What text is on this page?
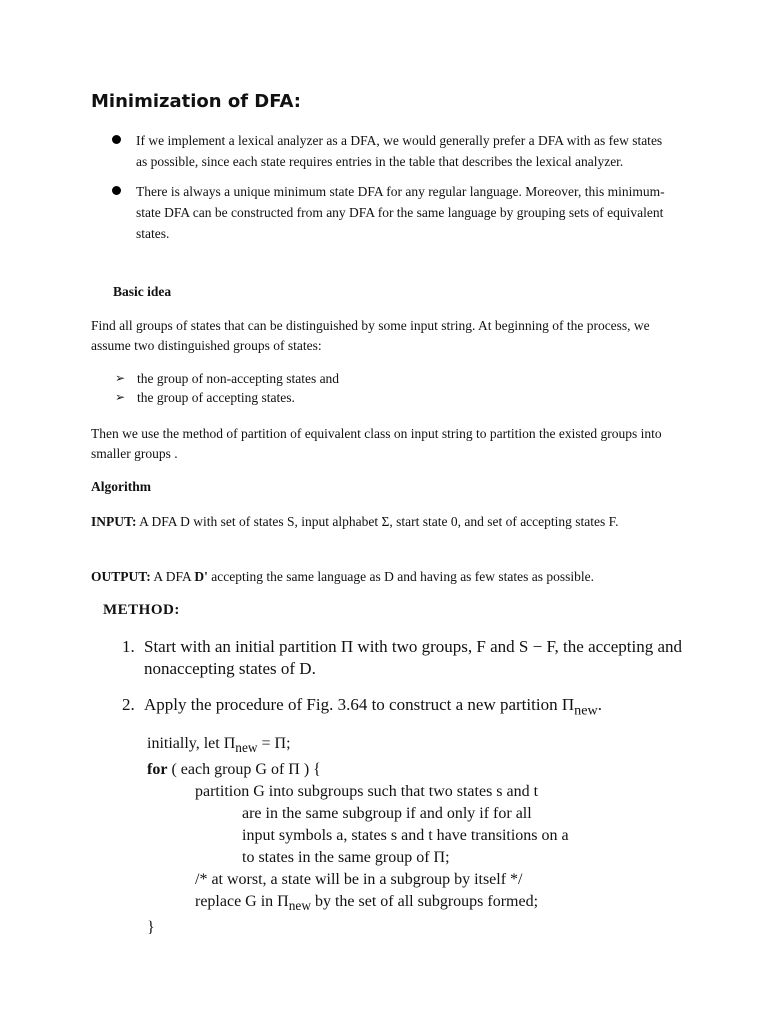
Minimization of DFA:
If we implement a lexical analyzer as a DFA, we would generally prefer a DFA with as few states as possible, since each state requires entries in the table that describes the lexical analyzer.
There is always a unique minimum state DFA for any regular language. Moreover, this minimum-state DFA can be constructed from any DFA for the same language by grouping sets of equivalent states.
Basic idea

Find all groups of states that can be distinguished by some input string. At beginning of the process, we assume two distinguished groups of states:

➢ the group of non-accepting states and
➢ the group of accepting states.

Then we use the method of partition of equivalent class on input string to partition the existed groups into smaller groups .

Algorithm

INPUT: A DFA D with set of states S, input alphabet Σ, start state 0, and set of accepting states F.

OUTPUT: A DFA D' accepting the same language as D and having as few states as possible.

METHOD:
1. Start with an initial partition Π with two groups, F and S − F, the accepting and nonaccepting states of D.
2. Apply the procedure of Fig. 3.64 to construct a new partition $\Pi_{new}$.
initially, let $\Pi_{new} = \Pi$;
for ( each group G of Π ) {
partition G into subgroups such that two states s and t
are in the same subgroup if and only if for all
input symbols a, states s and t have transitions on a
to states in the same group of Π;
/* at worst, a state will be in a subgroup by itself */
replace G in $\Pi_{new}$ by the set of all subgroups formed;
}
